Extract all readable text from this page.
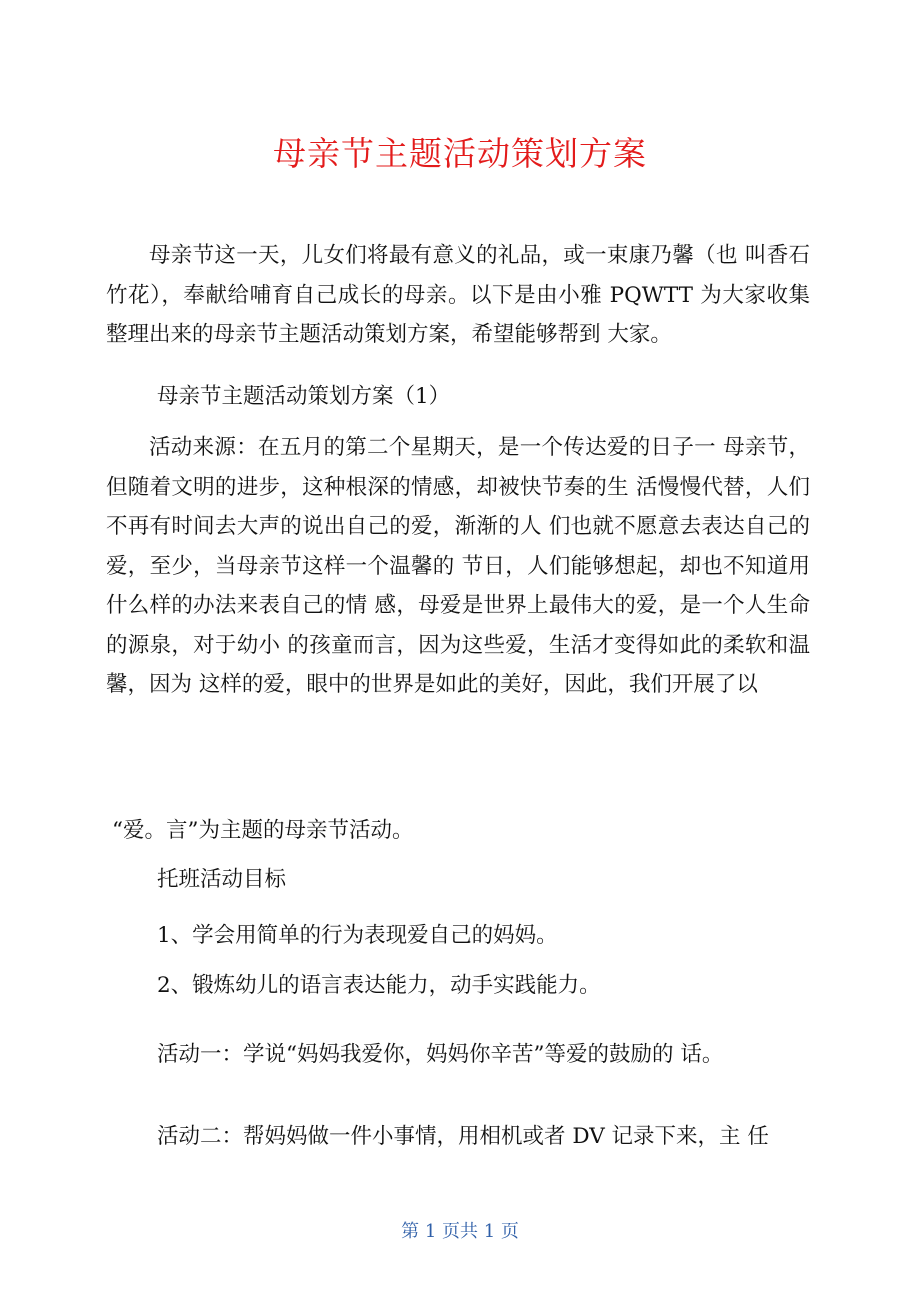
母亲节主题活动策划方案

母亲节这一天，儿女们将最有意义的礼品，或一束康乃馨（也 叫香石竹花），奉献给哺育自己成长的母亲。以下是由小雅 PQWTT 为大家收集整理出来的母亲节主题活动策划方案，希望能够帮到 大家。

母亲节主题活动策划方案（1）

活动来源：在五月的第二个星期天，是一个传达爱的日子一 母亲节，但随着文明的进步，这种根深的情感，却被快节奏的生 活慢慢代替，人们不再有时间去大声的说出自己的爱，渐渐的人 们也就不愿意去表达自己的爱，至少，当母亲节这样一个温馨的 节日，人们能够想起，却也不知道用什么样的办法来表自己的情 感，母爱是世界上最伟大的爱，是一个人生命的源泉，对于幼小 的孩童而言，因为这些爱，生活才变得如此的柔软和温馨，因为 这样的爱，眼中的世界是如此的美好，因此，我们开展了以

“爱。言”为主题的母亲节活动。

托班活动目标

1、学会用简单的行为表现爱自己的妈妈。

2、锻炼幼儿的语言表达能力，动手实践能力。

活动一：学说“妈妈我爱你，妈妈你辛苦”等爱的鼓励的 话。

活动二：帮妈妈做一件小事情，用相机或者 DV 记录下来，主 任

第 1 页共 1 页
